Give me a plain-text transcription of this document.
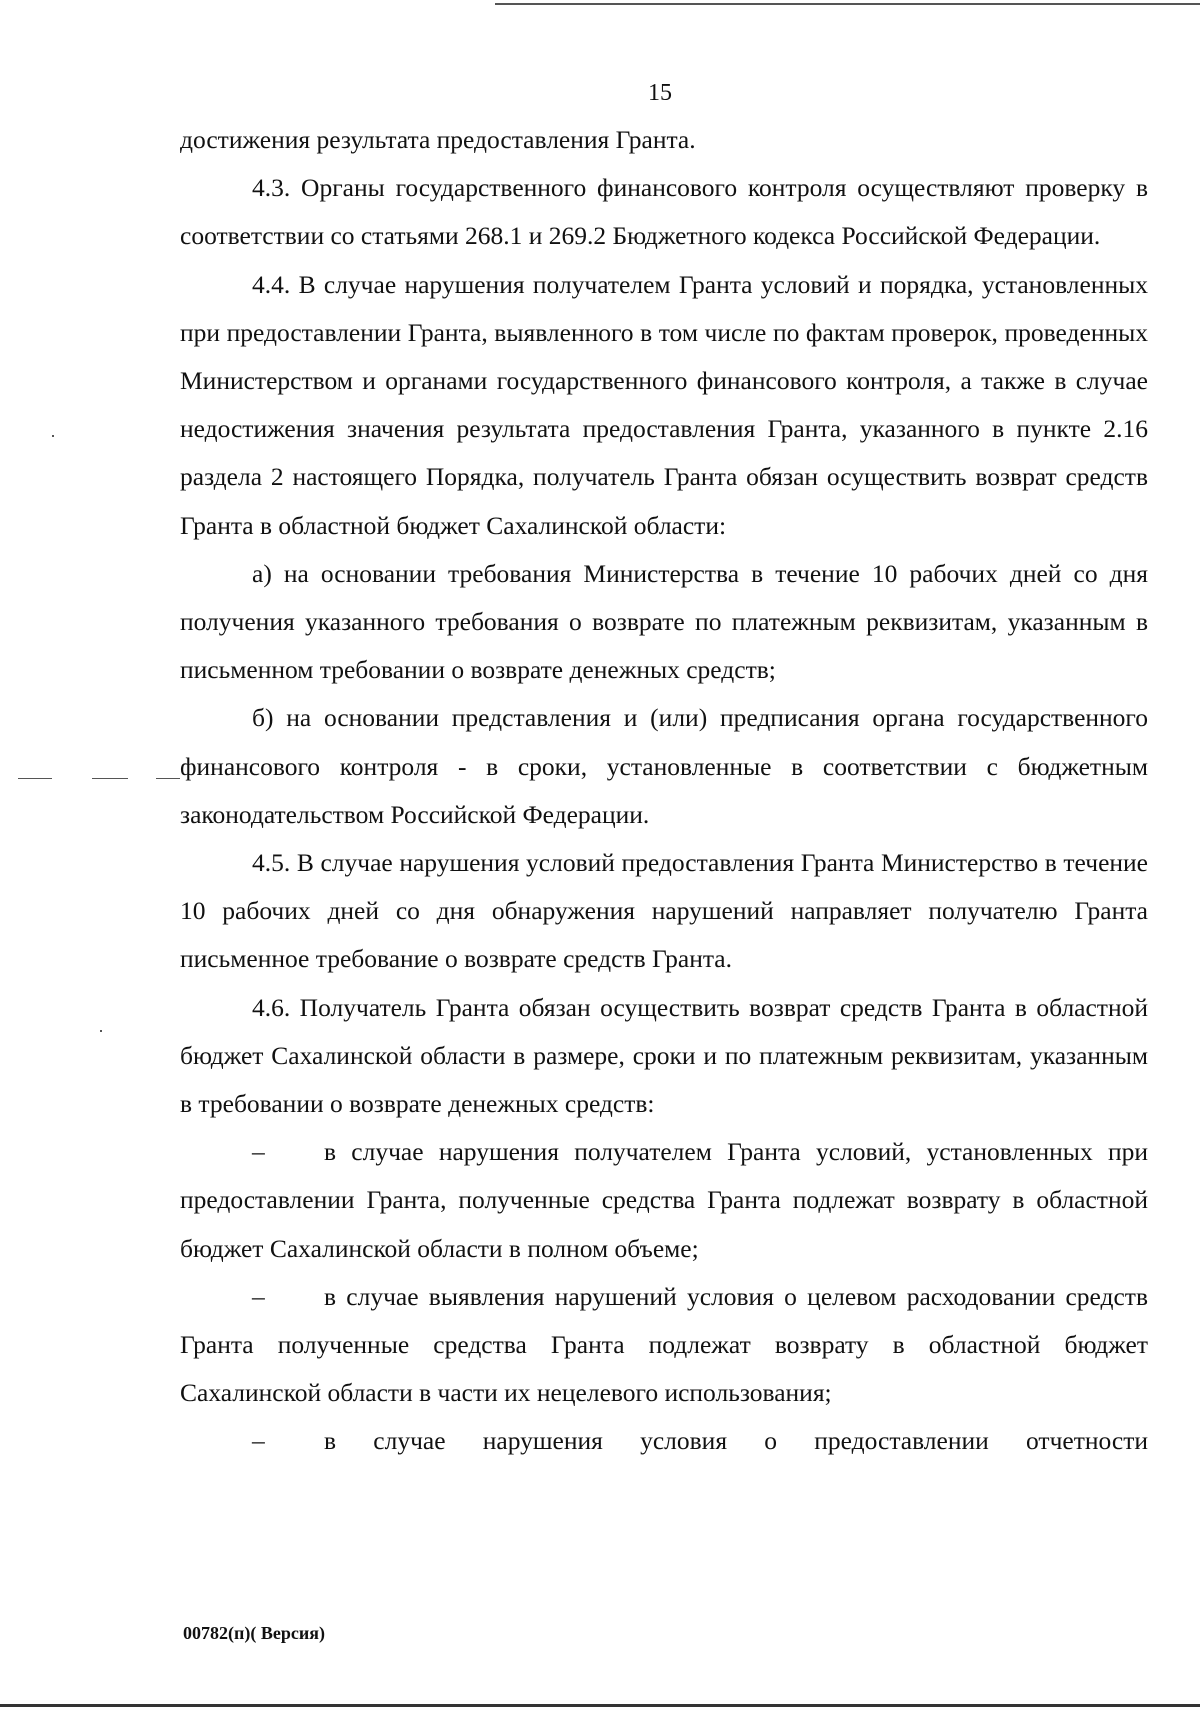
15

достижения результата предоставления Гранта.

4.3. Органы государственного финансового контроля осуществляют проверку в соответствии со статьями 268.1 и 269.2 Бюджетного кодекса Российской Федерации.

4.4. В случае нарушения получателем Гранта условий и порядка, установленных при предоставлении Гранта, выявленного в том числе по фактам проверок, проведенных Министерством и органами государственного финансового контроля, а также в случае недостижения значения результата предоставления Гранта, указанного в пункте 2.16 раздела 2 настоящего Порядка, получатель Гранта обязан осуществить возврат средств Гранта в областной бюджет Сахалинской области:

а) на основании требования Министерства в течение 10 рабочих дней со дня получения указанного требования о возврате по платежным реквизитам, указанным в письменном требовании о возврате денежных средств;

б) на основании представления и (или) предписания органа государственного финансового контроля - в сроки, установленные в соответствии с бюджетным законодательством Российской Федерации.

4.5. В случае нарушения условий предоставления Гранта Министерство в течение 10 рабочих дней со дня обнаружения нарушений направляет получателю Гранта письменное требование о возврате средств Гранта.

4.6. Получатель Гранта обязан осуществить возврат средств Гранта в областной бюджет Сахалинской области в размере, сроки и по платежным реквизитам, указанным в требовании о возврате денежных средств:

– в случае нарушения получателем Гранта условий, установленных при предоставлении Гранта, полученные средства Гранта подлежат возврату в областной бюджет Сахалинской области в полном объеме;

– в случае выявления нарушений условия о целевом расходовании средств Гранта полученные средства Гранта подлежат возврату в областной бюджет Сахалинской области в части их нецелевого использования;

– в случае нарушения условия о предоставлении отчетности

00782(п)( Версия)
